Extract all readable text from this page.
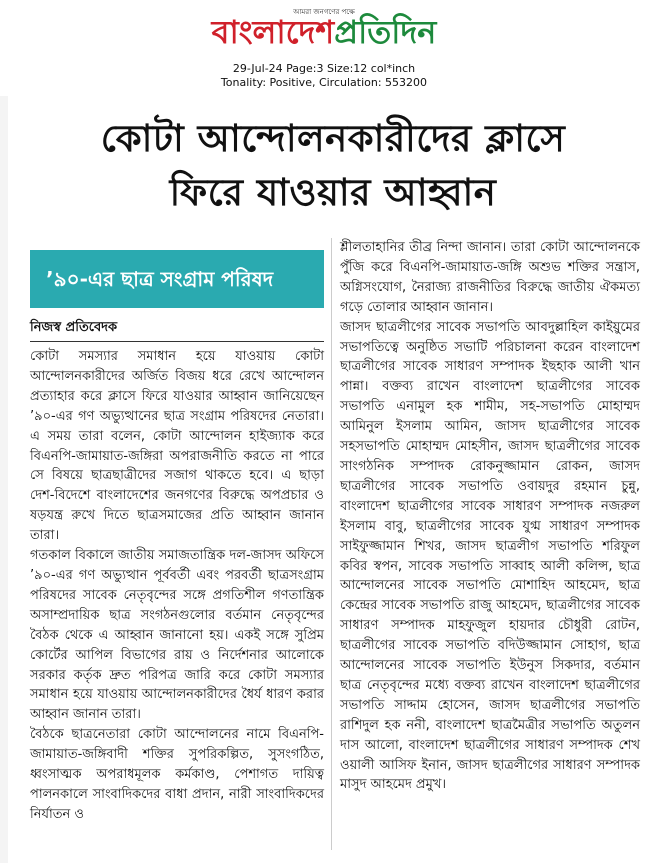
আমরা জনগণের পক্ষে
বাংলাদেশপ্রতিদিন
29-Jul-24 Page:3 Size:12 col*inch
Tonality: Positive, Circulation: 553200
কোটা আন্দোলনকারীদের ক্লাসে
ফিরে যাওয়ার আহ্বান
’৯০-এর ছাত্র সংগ্রাম পরিষদ
নিজস্ব প্রতিবেদক

কোটা সমস্যার সমাধান হয়ে যাওয়ায় কোটা আন্দোলনকারীদের অর্জিত বিজয় ধরে রেখে আন্দোলন প্রত্যাহার করে ক্লাসে ফিরে যাওয়ার আহ্বান জানিয়েছেন ’৯০-এর গণ অভ্যুত্থানের ছাত্র সংগ্রাম পরিষদের নেতারা। এ সময় তারা বলেন, কোটা আন্দোলন হাইজ্যাক করে বিএনপি-জামায়াত-জঙ্গিরা অপরাজনীতি করতে না পারে সে বিষয়ে ছাত্রছাত্রীদের সজাগ থাকতে হবে। এ ছাড়া দেশ-বিদেশে বাংলাদেশের জনগণের বিরুদ্ধে অপপ্রচার ও ষড়যন্ত্র রুখে দিতে ছাত্রসমাজের প্রতি আহ্বান জানান তারা।

গতকাল বিকালে জাতীয় সমাজতান্ত্রিক দল-জাসদ অফিসে ’৯০-এর গণ অভ্যুত্থান পূর্ববর্তী এবং পরবর্তী ছাত্রসংগ্রাম পরিষদের সাবেক নেতৃবৃন্দের সঙ্গে প্রগতিশীল গণতান্ত্রিক অসাম্প্রদায়িক ছাত্র সংগঠনগুলোর বর্তমান নেতৃবৃন্দের বৈঠক থেকে এ আহ্বান জানানো হয়। একই সঙ্গে সুপ্রিম কোর্টের আপিল বিভাগের রায় ও নির্দেশনার আলোকে সরকার কর্তৃক দ্রুত পরিপত্র জারি করে কোটা সমস্যার সমাধান হয়ে যাওয়ায় আন্দোলনকারীদের ধৈর্য ধারণ করার আহ্বান জানান তারা।

বৈঠকে ছাত্রনেতারা কোটা আন্দোলনের নামে বিএনপি-জামায়াত-জঙ্গিবাদী শক্তির সুপরিকল্পিত, সুসংগঠিত, ধ্বংসাত্মক অপরাধমূলক কর্মকাণ্ড, পেশাগত দায়িত্ব পালনকালে সাংবাদিকদের বাধা প্রদান, নারী সাংবাদিকদের নির্যাতন ও

শ্লীলতাহানির তীব্র নিন্দা জানান। তারা কোটা আন্দোলনকে পুঁজি করে বিএনপি-জামায়াত-জঙ্গি অশুভ শক্তির সন্ত্রাস, অগ্নিসংযোগ, নৈরাজ্য রাজনীতির বিরুদ্ধে জাতীয় ঐকমত্য গড়ে তোলার আহ্বান জানান।

জাসদ ছাত্রলীগের সাবেক সভাপতি আবদুল্লাহিল কাইয়ুমের সভাপতিত্বে অনুষ্ঠিত সভাটি পরিচালনা করেন বাংলাদেশ ছাত্রলীগের সাবেক সাধারণ সম্পাদক ইছহাক আলী খান পান্না। বক্তব্য রাখেন বাংলাদেশ ছাত্রলীগের সাবেক সভাপতি এনামুল হক শামীম, সহ-সভাপতি মোহাম্মদ আমিনুল ইসলাম আমিন, জাসদ ছাত্রলীগের সাবেক সহসভাপতি মোহাম্মদ মোহসীন, জাসদ ছাত্রলীগের সাবেক সাংগঠনিক সম্পাদক রোকনুজ্জামান রোকন, জাসদ ছাত্রলীগের সাবেক সভাপতি ওবায়দুর রহমান চুন্নু, বাংলাদেশ ছাত্রলীগের সাবেক সাধারণ সম্পাদক নজরুল ইসলাম বাবু, ছাত্রলীগের সাবেক যুগ্ম সাধারণ সম্পাদক সাইফুজ্জামান শিখর, জাসদ ছাত্রলীগ সভাপতি শরিফুল কবির স্বপন, সাবেক সভাপতি সাব্বাহ আলী কলিন্স, ছাত্র আন্দোলনের সাবেক সভাপতি মোশাহিদ আহমেদ, ছাত্র কেন্দ্রের সাবেক সভাপতি রাজু আহমেদ, ছাত্রলীগের সাবেক সাধারণ সম্পাদক মাহফুজুল হায়দার চৌধুরী রোটন, ছাত্রলীগের সাবেক সভাপতি বদিউজ্জামান সোহাগ, ছাত্র আন্দোলনের সাবেক সভাপতি ইউনুস সিকদার, বর্তমান ছাত্র নেতৃবৃন্দের মধ্যে বক্তব্য রাখেন বাংলাদেশ ছাত্রলীগের সভাপতি সাদ্দাম হোসেন, জাসদ ছাত্রলীগের সভাপতি রাশিদুল হক ননী, বাংলাদেশ ছাত্রমৈত্রীর সভাপতি অতুলন দাস আলো, বাংলাদেশ ছাত্রলীগের সাধারণ সম্পাদক শেখ ওয়ালী আসিফ ইনান, জাসদ ছাত্রলীগের সাধারণ সম্পাদক মাসুদ আহমেদ প্রমুখ।
